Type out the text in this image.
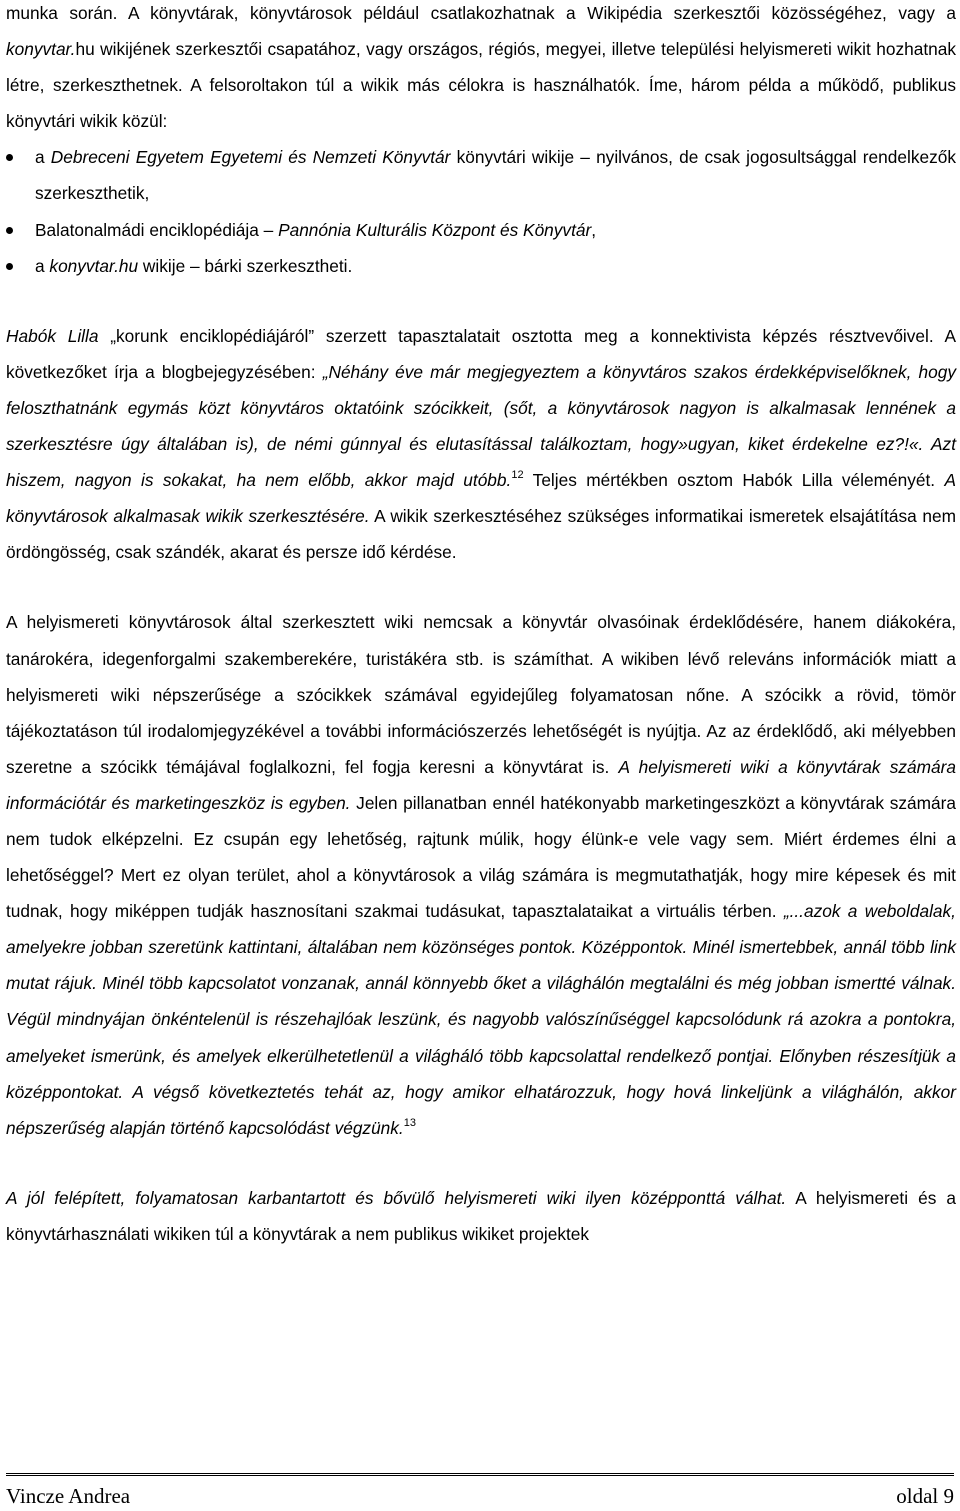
munka során. A könyvtárak, könyvtárosok például csatlakozhatnak a Wikipédia szerkesztői közösségéhez, vagy a konyvtar.hu wikijének szerkesztői csapatához, vagy országos, régiós, megyei, illetve települési helyismereti wikit hozhatnak létre, szerkeszthetnek. A felsoroltakon túl a wikik más célokra is használhatók. Íme, három példa a működő, publikus könyvtári wikik közül:

a Debreceni Egyetem Egyetemi és Nemzeti Könyvtár könyvtári wikije – nyilvános, de csak jogosultsággal rendelkezők szerkeszthetik,
Balatonalmádi enciklopédiája – Pannónia Kulturális Központ és Könyvtár,
a konyvtar.hu wikije – bárki szerkesztheti.

Habók Lilla „korunk enciklopédiájáról” szerzett tapasztalatait osztotta meg a konnektivista képzés résztvevőivel. A következőket írja a blogbejegyzésében: „Néhány éve már megjegyeztem a könyvtáros szakos érdekképviselőknek, hogy feloszthatnánk egymás közt könyvtáros oktatóink szócikkeit, (sőt, a könyvtárosok nagyon is alkalmasak lennének a szerkesztésre úgy általában is), de némi gúnnyal és elutasítással találkoztam, hogy»ugyan, kiket érdekelne ez?!«. Azt hiszem, nagyon is sokakat, ha nem előbb, akkor majd utóbb.$^{12}$ Teljes mértékben osztom Habók Lilla véleményét. A könyvtárosok alkalmasak wikik szerkesztésére. A wikik szerkesztéséhez szükséges informatikai ismeretek elsajátítása nem ördöngösség, csak szándék, akarat és persze idő kérdése.

A helyismereti könyvtárosok által szerkesztett wiki nemcsak a könyvtár olvasóinak érdeklődésére, hanem diákokéra, tanárokéra, idegenforgalmi szakemberekére, turistákéra stb. is számíthat. A wikiben lévő releváns információk miatt a helyismereti wiki népszerűsége a szócikkek számával egyidejűleg folyamatosan nőne. A szócikk a rövid, tömör tájékoztatáson túl irodalomjegyzékével a további információszerzés lehetőségét is nyújtja. Az az érdeklődő, aki mélyebben szeretne a szócikk témájával foglalkozni, fel fogja keresni a könyvtárat is. A helyismereti wiki a könyvtárak számára információtár és marketingeszköz is egyben. Jelen pillanatban ennél hatékonyabb marketingeszközt a könyvtárak számára nem tudok elképzelni. Ez csupán egy lehetőség, rajtunk múlik, hogy élünk-e vele vagy sem. Miért érdemes élni a lehetőséggel? Mert ez olyan terület, ahol a könyvtárosok a világ számára is megmutathatják, hogy mire képesek és mit tudnak, hogy miképpen tudják hasznosítani szakmai tudásukat, tapasztalataikat a virtuális térben. „...azok a weboldalak, amelyekre jobban szeretünk kattintani, általában nem közönséges pontok. Középpontok. Minél ismertebbek, annál több link mutat rájuk. Minél több kapcsolatot vonzanak, annál könnyebb őket a világhálón megtalálni és még jobban ismertté válnak. Végül mindnyájan önkéntelenül is részehajlóak leszünk, és nagyobb valószínűséggel kapcsolódunk rá azokra a pontokra, amelyeket ismerünk, és amelyek elkerülhetetlenül a világháló több kapcsolattal rendelkező pontjai. Előnyben részesítjük a középpontokat. A végső következtetés tehát az, hogy amikor elhatározzuk, hogy hová linkeljünk a világhálón, akkor népszerűség alapján történő kapcsolódást végzünk.$^{13}$

A jól felépített, folyamatosan karbantartott és bővülő helyismereti wiki ilyen középponttá válhat. A helyismereti és a könyvtárhasználati wikiken túl a könyvtárak a nem publikus wikiket projektek

Vincze Andrea	oldal 9
